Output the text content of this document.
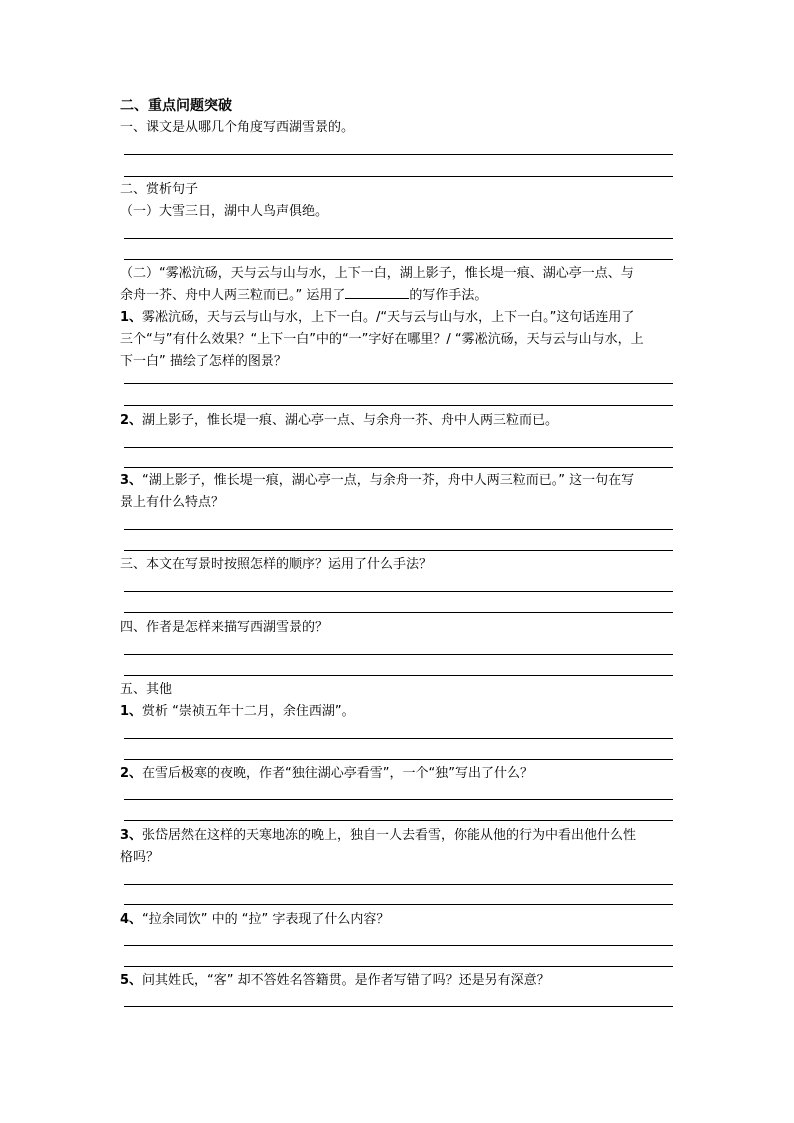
二、重点问题突破

一、课文是从哪几个角度写西湖雪景的。

二、赏析句子

（一）大雪三日，湖中人鸟声俱绝。

（二）“雾凇沆砀，天与云与山与水，上下一白，湖上影子，惟长堤一痕、湖心亭一点、与

余舟一芥、舟中人两三粒而已。” 运用了	的写作手法。

1、雾凇沆砀，天与云与山与水，上下一白。/“天与云与山与水，上下一白。”这句话连用了

三个“与”有什么效果？“上下一白”中的“一”字好在哪里？/ “雾凇沆砀，天与云与山与水，上

下一白” 描绘了怎样的图景？

2、湖上影子，惟长堤一痕、湖心亭一点、与余舟一芥、舟中人两三粒而已。

3、“湖上影子，惟长堤一痕，湖心亭一点，与余舟一芥，舟中人两三粒而已。” 这一句在写

景上有什么特点？

三、本文在写景时按照怎样的顺序？运用了什么手法？

四、作者是怎样来描写西湖雪景的？

五、其他

1、赏析 “崇祯五年十二月，余住西湖”。

2、在雪后极寒的夜晚，作者“独往湖心亭看雪”，一个“独”写出了什么？

3、张岱居然在这样的天寒地冻的晚上，独自一人去看雪，你能从他的行为中看出他什么性

格吗？

4、“拉余同饮” 中的 “拉” 字表现了什么内容？

5、问其姓氏，“客” 却不答姓名答籍贯。是作者写错了吗？还是另有深意？
